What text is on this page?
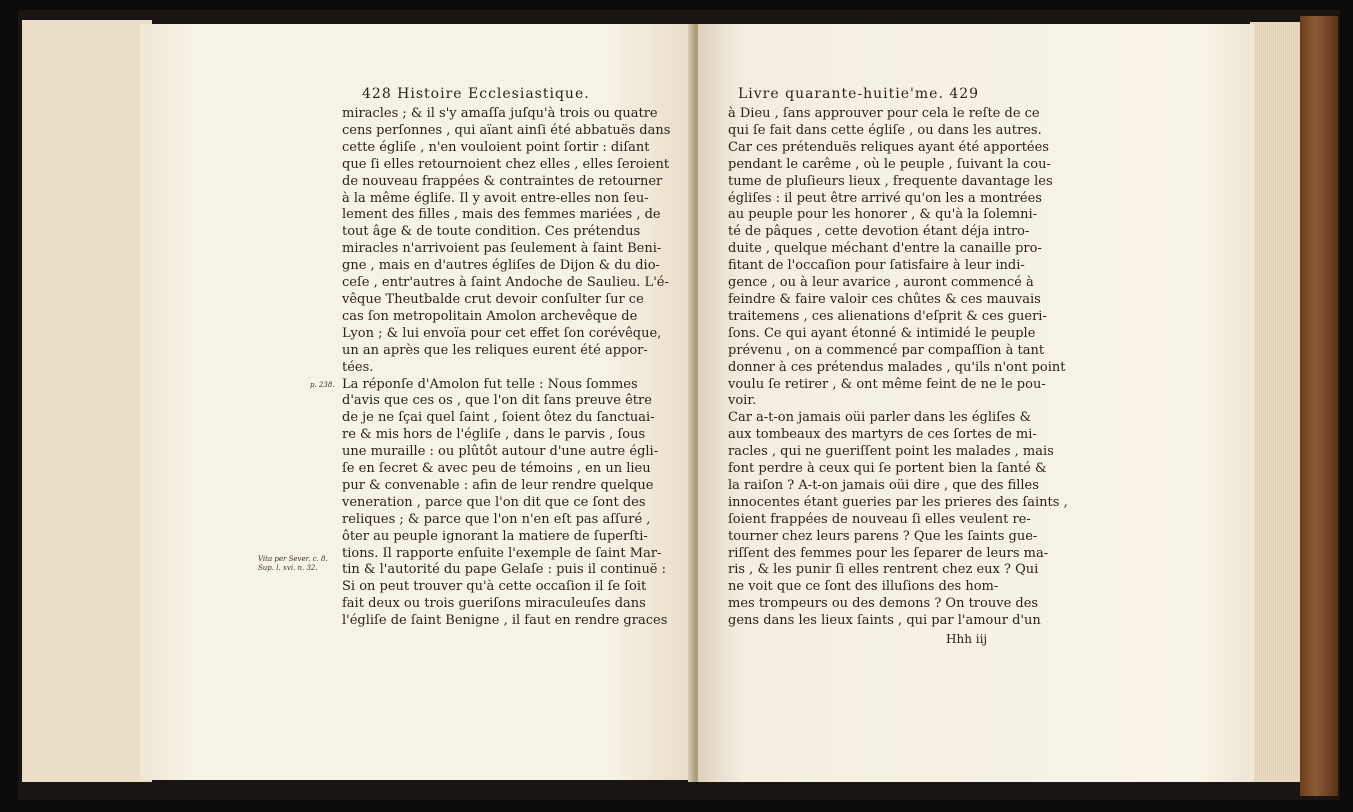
428 Histoire Ecclesiastique.
miracles ; & il s'y amaſſa juſqu'à trois ou quatre
cens perſonnes , qui aïant ainſi été abbatuës dans
cette égliſe , n'en vouloient point ſortir : diſant
que ſi elles retournoient chez elles , elles ſeroient
de nouveau frappées & contraintes de retourner
à la même égliſe. Il y avoit entre-elles non ſeu-
lement des filles , mais des femmes mariées , de
tout âge & de toute condition. Ces prétendus
miracles n'arrivoient pas ſeulement à ſaint Beni-
gne , mais en d'autres égliſes de Dijon & du dio-
ceſe , entr'autres à ſaint Andoche de Saulieu. L'é-
vêque Theutbalde crut devoir conſulter ſur ce
cas ſon metropolitain Amolon archevêque de
Lyon ; & lui envoïa pour cet effet ſon corévêque,
un an après que les reliques eurent été appor-
tées.
La réponſe d'Amolon fut telle : Nous ſommes
d'avis que ces os , que l'on dit ſans preuve être
de je ne ſçai quel ſaint , ſoient ôtez du ſanctuai-
re & mis hors de l'égliſe , dans le parvis , ſous
une muraille : ou plûtôt autour d'une autre égli-
ſe en ſecret & avec peu de témoins , en un lieu
pur & convenable : afin de leur rendre quelque
veneration , parce que l'on dit que ce ſont des
reliques ; & parce que l'on n'en eſt pas aſſuré ,
ôter au peuple ignorant la matiere de ſuperſti-
tions. Il rapporte enſuite l'exemple de ſaint Mar-
tin & l'autorité du pape Gelaſe : puis il continuë :
Si on peut trouver qu'à cette occaſion il ſe ſoit
fait deux ou trois gueriſons miraculeuſes dans
l'égliſe de ſaint Benigne , il faut en rendre graces
p. 238.
Vita per Sever. c. 8. Sup. l. xvi. n. 32.
Livre quarante-huitie'me. 429
à Dieu , ſans approuver pour cela le reſte de ce
qui ſe fait dans cette égliſe , ou dans les autres.
Car ces prétenduës reliques ayant été apportées
pendant le carême , où le peuple , ſuivant la cou-
tume de pluſieurs lieux , frequente davantage les
égliſes : il peut être arrivé qu'on les a montrées
au peuple pour les honorer , & qu'à la ſolemni-
té de pâques , cette devotion étant déja intro-
duite , quelque méchant d'entre la canaille pro-
fitant de l'occaſion pour ſatisfaire à leur indi-
gence , ou à leur avarice , auront commencé à
feindre & faire valoir ces chûtes & ces mauvais
traitemens , ces alienations d'eſprit & ces gueri-
ſons. Ce qui ayant étonné & intimidé le peuple
prévenu , on a commencé par compaſſion à tant
donner à ces prétendus malades , qu'ils n'ont point
voulu ſe retirer , & ont même feint de ne le pou-
voir.
Car a-t-on jamais oüi parler dans les égliſes &
aux tombeaux des martyrs de ces ſortes de mi-
racles , qui ne gueriſſent point les malades , mais
font perdre à ceux qui ſe portent bien la ſanté &
la raiſon ? A-t-on jamais oüi dire , que des filles
innocentes étant gueries par les prieres des ſaints ,
ſoient frappées de nouveau ſi elles veulent re-
tourner chez leurs parens ? Que les ſaints gue-
riſſent des femmes pour les ſeparer de leurs ma-
ris , & les punir ſi elles rentrent chez eux ? Qui
ne voit que ce ſont des illuſions des hom-
mes trompeurs ou des demons ? On trouve des
gens dans les lieux ſaints , qui par l'amour d'un
Hhh iij
